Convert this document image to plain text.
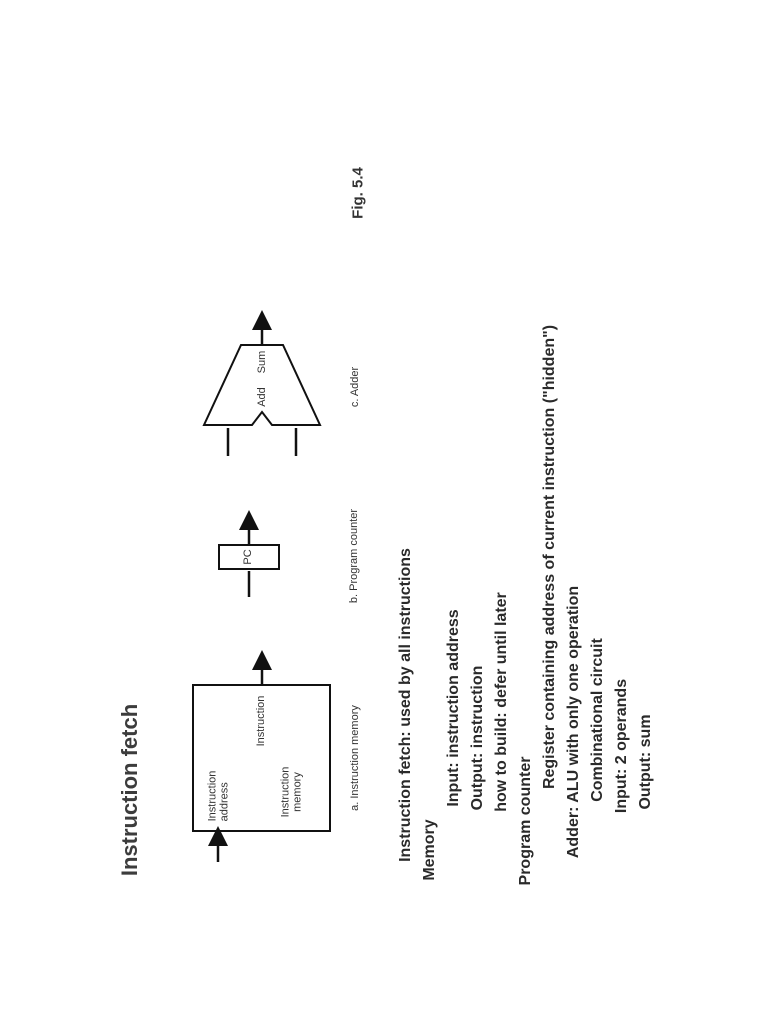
Instruction fetch
Fig. 5.4
Instruction address
Instruction
Instruction memory	a. Instruction memory
PC	b. Program counter
Add
Sum
c. Adder
Instruction fetch: used by all instructions Memory
Input: instruction address Output: instruction how to build: defer until later
Program counter
Register containing address of current instruction ("hidden") Adder: ALU with only one operation Combinational circuit Input: 2 operands Output: sum
